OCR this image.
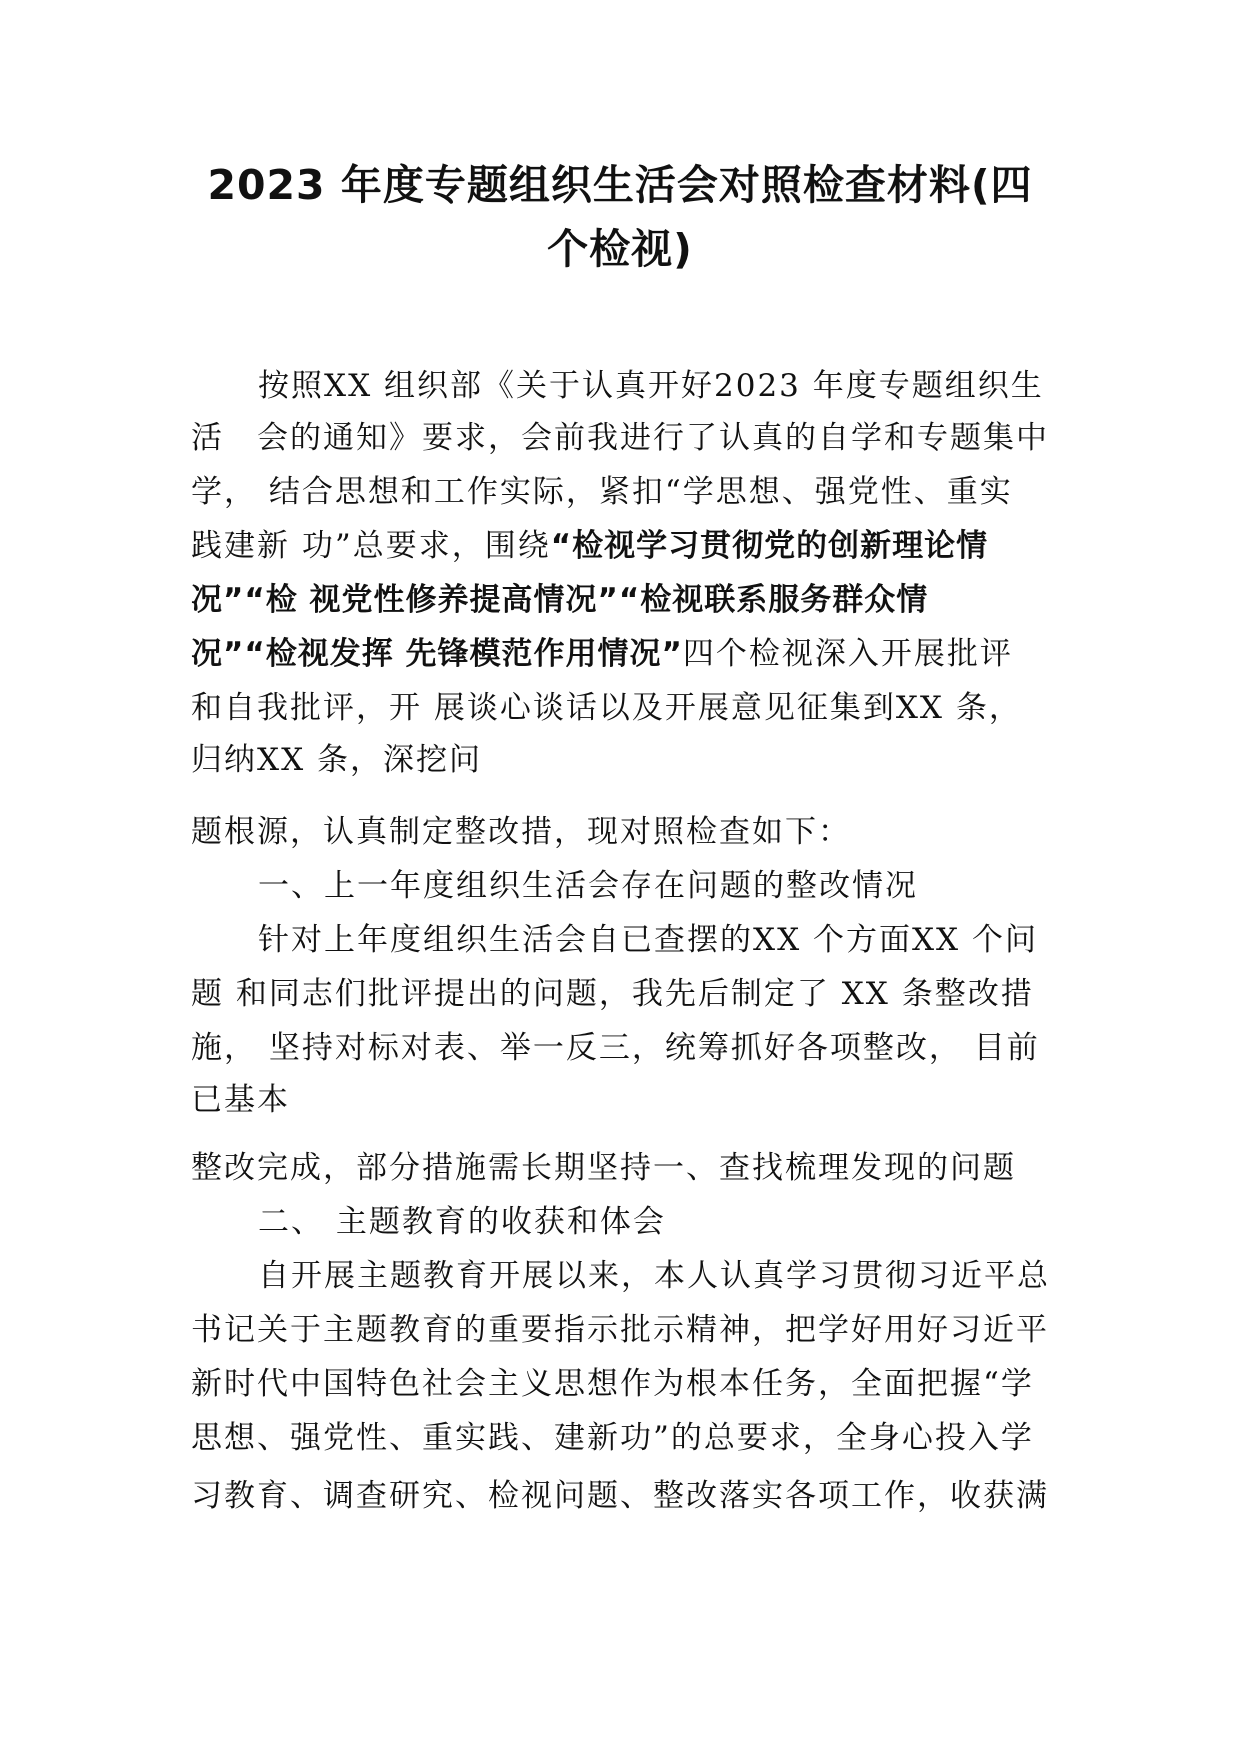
2023 年度专题组织生活会对照检查材料(四
个检视)
按照XX 组织部《关于认真开好2023 年度专题组织生
活　会的通知》要求，会前我进行了认真的自学和专题集中
学， 结合思想和工作实际，紧扣“学思想、强党性、重实
践建新 功”总要求，围绕“检视学习贯彻党的创新理论情
况”“检 视党性修养提高情况”“检视联系服务群众情
况”“检视发挥 先锋模范作用情况”四个检视深入开展批评
和自我批评，开 展谈心谈话以及开展意见征集到XX 条，
归纳XX 条，深挖问
题根源，认真制定整改措，现对照检查如下：
一、上一年度组织生活会存在问题的整改情况
针对上年度组织生活会自已查摆的XX 个方面XX 个问
题 和同志们批评提出的问题，我先后制定了 XX 条整改措
施， 坚持对标对表、举一反三，统筹抓好各项整改， 目前
已基本
整改完成，部分措施需长期坚持一、查找梳理发现的问题
二、 主题教育的收获和体会
自开展主题教育开展以来，本人认真学习贯彻习近平总
书记关于主题教育的重要指示批示精神，把学好用好习近平
新时代中国特色社会主义思想作为根本任务，全面把握“学
思想、强党性、重实践、建新功”的总要求，全身心投入学
习教育、调查研究、检视问题、整改落实各项工作，收获满
